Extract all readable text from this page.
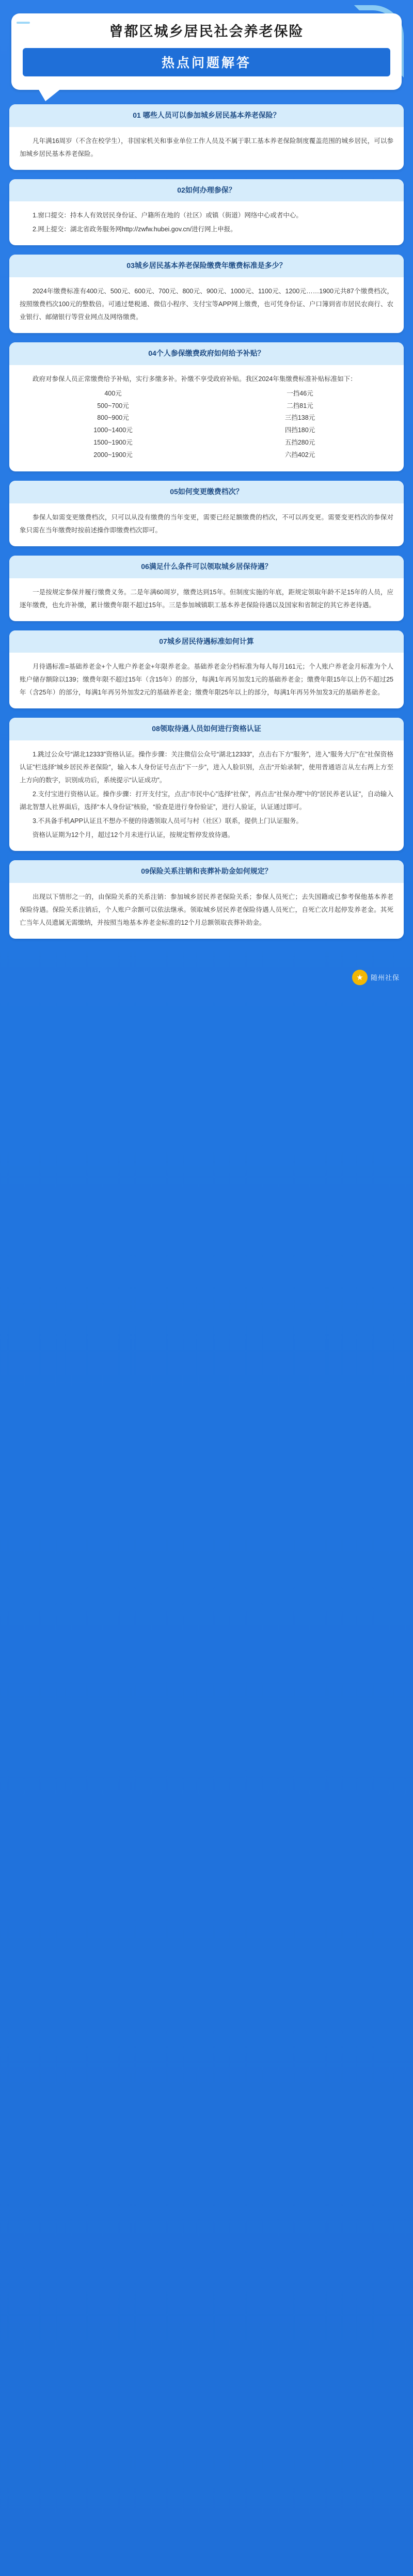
曾都区城乡居民社会养老保险
热点问题解答
01 哪些人员可以参加城乡居民基本养老保险？

凡年满16周岁（不含在校学生），非国家机关和事业单位工作人员及不属于职工基本养老保险制度覆盖范围的城乡居民，可以参加城乡居民基本养老保险。

02如何办理参保？

1.窗口提交：持本人有效居民身份证、户籍所在地的（社区）或镇（街道）网络中心或者中心。

2.网上提交：湖北省政务服务网http://zwfw.hubei.gov.cn/进行网上申报。

03城乡居民基本养老保险缴费年缴费标准是多少？

2024年缴费标准有400元、500元、600元、700元、800元、900元、1000元、1100元、1200元……1900元共87个缴费档次，按照缴费档次100元的整数倍。可通过楚税通、微信小程序、支付宝等APP网上缴费，也可凭身份证、户口簿到省市居民农商行、农业银行、邮储银行等营业网点及网络缴费。

04个人参保缴费政府如何给予补贴？

政府对参保人员正常缴费给予补贴，实行多缴多补。补缴不享受政府补贴。我区2024年集缴费标准补贴标准如下：

400元	一挡46元
500~700元	二挡81元
800~900元	三挡138元
1000~1400元	四挡180元
1500~1900元	五挡280元
2000~1900元	六挡402元
05如何变更缴费档次？

参保人如需变更缴费档次，只可以从没有缴费的当年变更，需要已经足额缴费的档次，不可以再变更。需要变更档次的参保对象只需在当年缴费时按前述操作即缴费档次即可。

06满足什么条件可以领取城乡居保待遇？

一是按规定参保并履行缴费义务。二是年满60周岁，缴费达到15年。但制度实施的年底，距规定领取年龄不足15年的人员，应逐年缴费，也允许补缴，累计缴费年限不超过15年。三是参加城镇职工基本养老保险待遇以及国家和省制定的其它养老待遇。

07城乡居民待遇标准如何计算

月待遇标准=基础养老金+个人账户养老金+年限养老金。基础养老金分档标准为每人每月161元；个人账户养老金月标准为个人账户储存额除以139；缴费年限不超过15年（含15年）的部分，每满1年再另加发1元的基础养老金；缴费年限15年以上仍不超过25年（含25年）的部分，每满1年再另外加发2元的基础养老金；缴费年限25年以上的部分，每满1年再另外加发3元的基础养老金。

08领取待遇人员如何进行资格认证

1.跳过公众号“湖北12333”资格认证。操作步骤：关注微信公众号“湖北12333”，点击右下方“服务”，进入“服务大厅”在“社保资格认证”栏选择“城乡居民养老保险”，输入本人身份证号点击“下一步”，进入人脸识别，点击“开始录制”，使用普通语言从左右两上方至上方向的数字，识别成功后，系统提示“认证成功”。

2.支付宝进行资格认证。操作步骤：打开支付宝，点击“市民中心”选择“社保”，再点击“社保办理”中的“居民养老认证”，自动输入湖北智慧人社界面后，选择“本人身份证”核验，“验查是进行身份验证”，进行人验证，认证通过即可。

3.不具备手机APP认证且不想办不便的待遇领取人员可与村（社区）联系，提供上门认证服务。

资格认证期为12个月，超过12个月未进行认证，按规定暂停发放待遇。

09保险关系注销和丧葬补助金如何规定？

出现以下情形之一的，由保险关系的关系注销：参加城乡居民养老保险关系；参保人员死亡；去失国籍或已参考保他基本养老保险待遇。保险关系注销后，个人账户余额可以依法继承。领取城乡居民养老保险待遇人员死亡，自死亡次月起停发养老金。其死亡当年人员遗属无需缴纳，并按照当地基本养老金标准的12个月总额领取丧葬补助金。

★	随州社保
